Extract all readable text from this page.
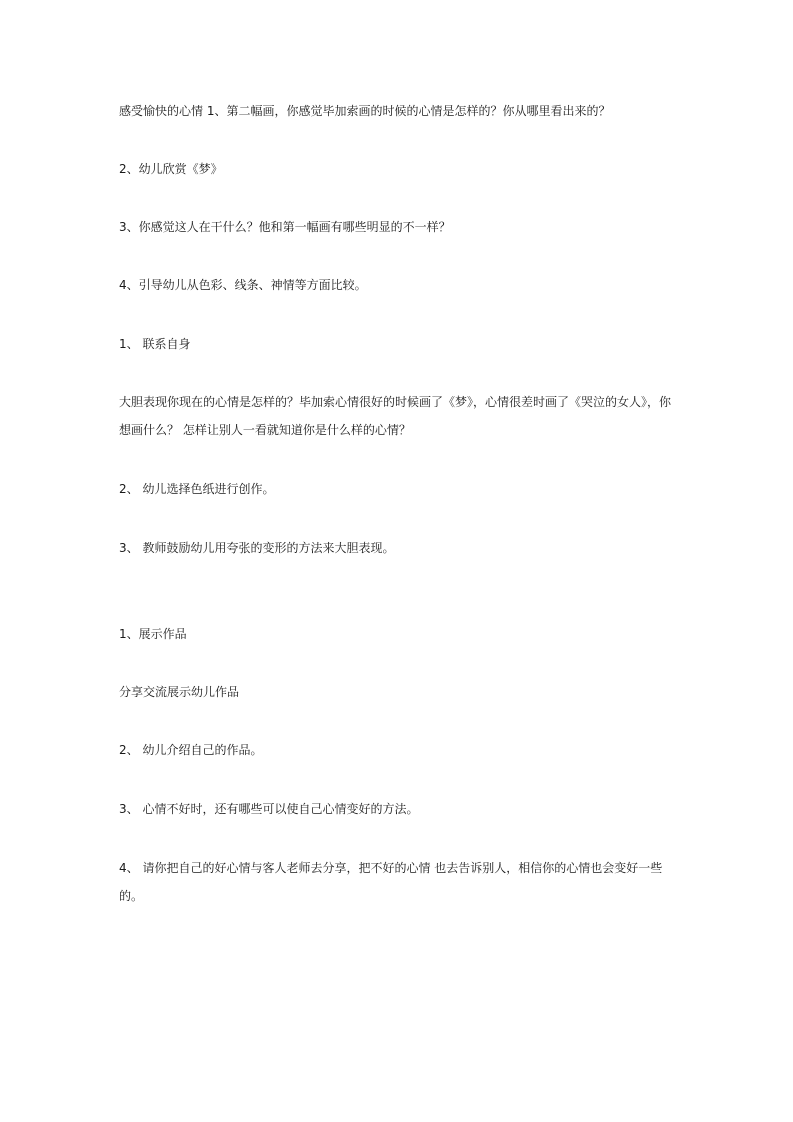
感受愉快的心情 1、第二幅画，你感觉毕加索画的时候的心情是怎样的？你从哪里看出来的？

2、幼儿欣赏《梦》

3、你感觉这人在干什么？他和第一幅画有哪些明显的不一样？

4、引导幼儿从色彩、线条、神情等方面比较。

1、 联系自身

大胆表现你现在的心情是怎样的？毕加索心情很好的时候画了《梦》，心情很差时画了《哭泣的女人》，你想画什么？ 怎样让别人一看就知道你是什么样的心情？

2、 幼儿选择色纸进行创作。

3、 教师鼓励幼儿用夸张的变形的方法来大胆表现。

1、展示作品

分享交流展示幼儿作品

2、 幼儿介绍自己的作品。

3、 心情不好时，还有哪些可以使自己心情变好的方法。

4、 请你把自己的好心情与客人老师去分享，把不好的心情 也去告诉别人，相信你的心情也会变好一些的。
